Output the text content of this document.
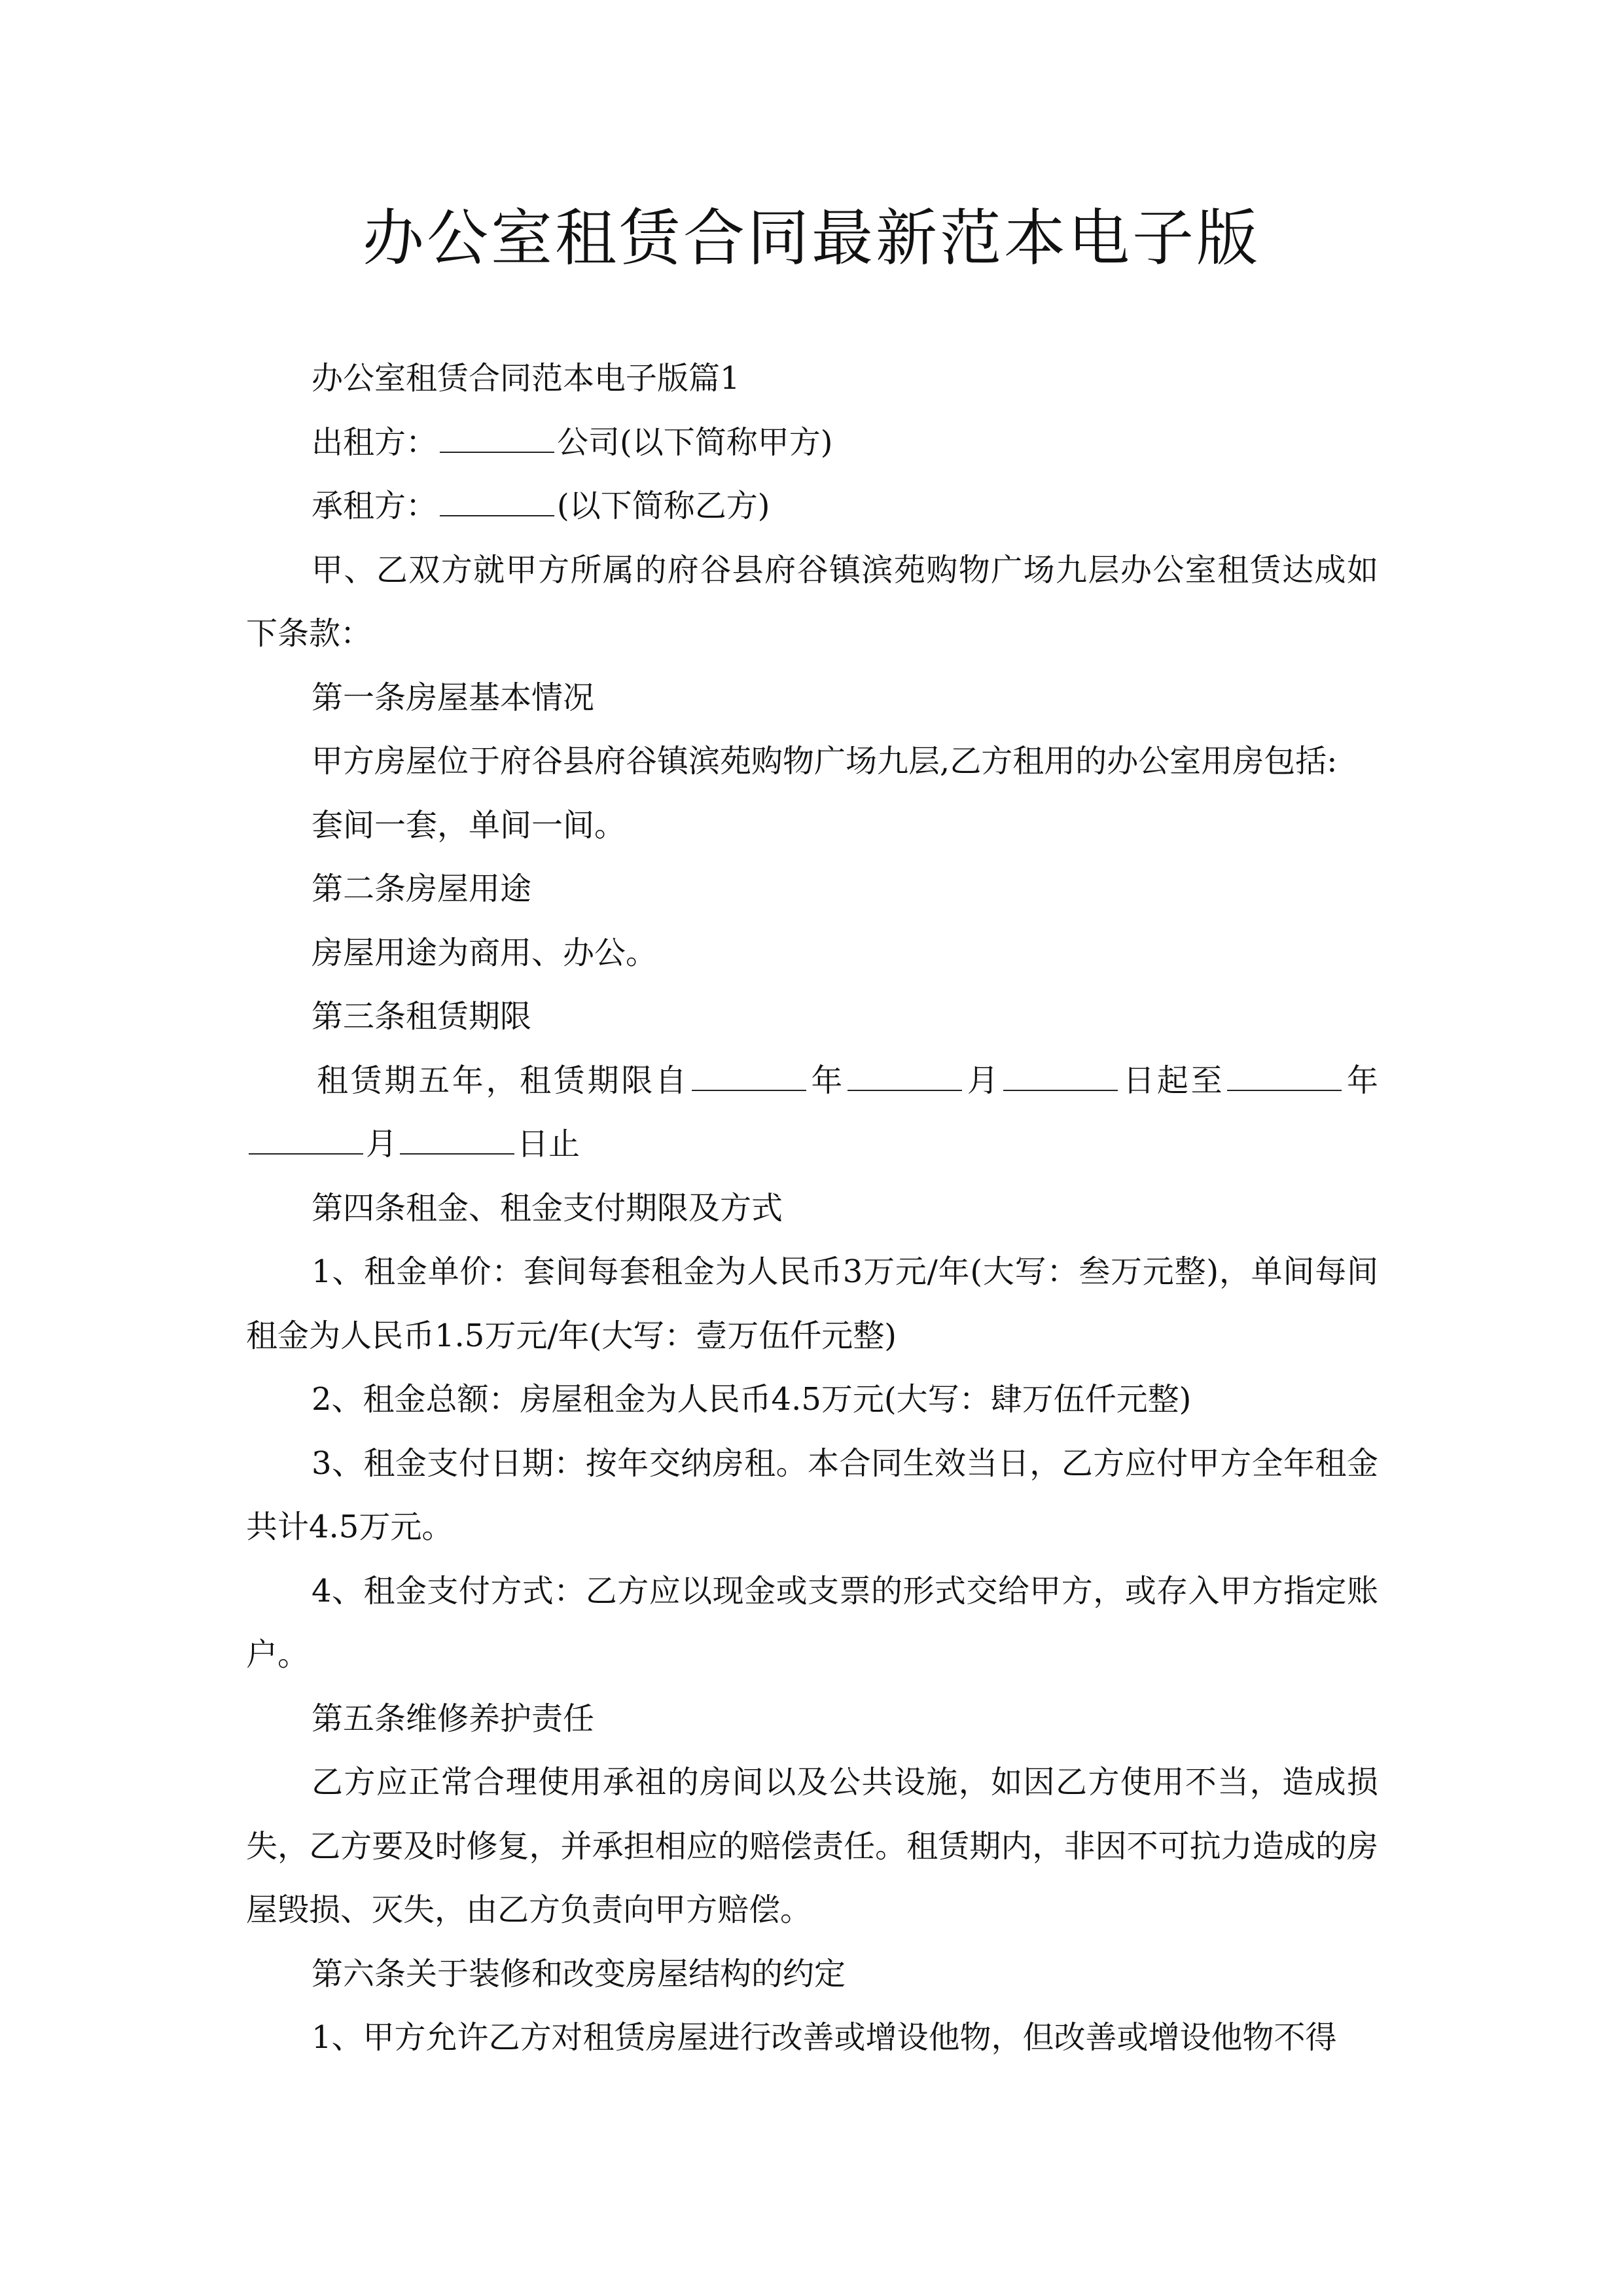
办公室租赁合同最新范本电子版

办公室租赁合同范本电子版篇1

出租方：	公司(以下简称甲方)

承租方：	(以下简称乙方)

甲、乙双方就甲方所属的府谷县府谷镇滨苑购物广场九层办公室租赁达成如下条款：

第一条房屋基本情况

甲方房屋位于府谷县府谷镇滨苑购物广场九层,乙方租用的办公室用房包括:

套间一套，单间一间。

第二条房屋用途

房屋用途为商用、办公。

第三条租赁期限

租赁期五年，租赁期限自	年	月	日起至	年月	日止

第四条租金、租金支付期限及方式

1、租金单价：套间每套租金为人民币3万元/年(大写：叁万元整)，单间每间租金为人民币1.5万元/年(大写：壹万伍仟元整)

2、租金总额：房屋租金为人民币4.5万元(大写：肆万伍仟元整)

3、租金支付日期：按年交纳房租。本合同生效当日，乙方应付甲方全年租金共计4.5万元。

4、租金支付方式：乙方应以现金或支票的形式交给甲方，或存入甲方指定账户。

第五条维修养护责任

乙方应正常合理使用承祖的房间以及公共设施，如因乙方使用不当，造成损失，乙方要及时修复，并承担相应的赔偿责任。租赁期内，非因不可抗力造成的房屋毁损、灭失，由乙方负责向甲方赔偿。

第六条关于装修和改变房屋结构的约定

1、甲方允许乙方对租赁房屋进行改善或增设他物，但改善或增设他物不得
